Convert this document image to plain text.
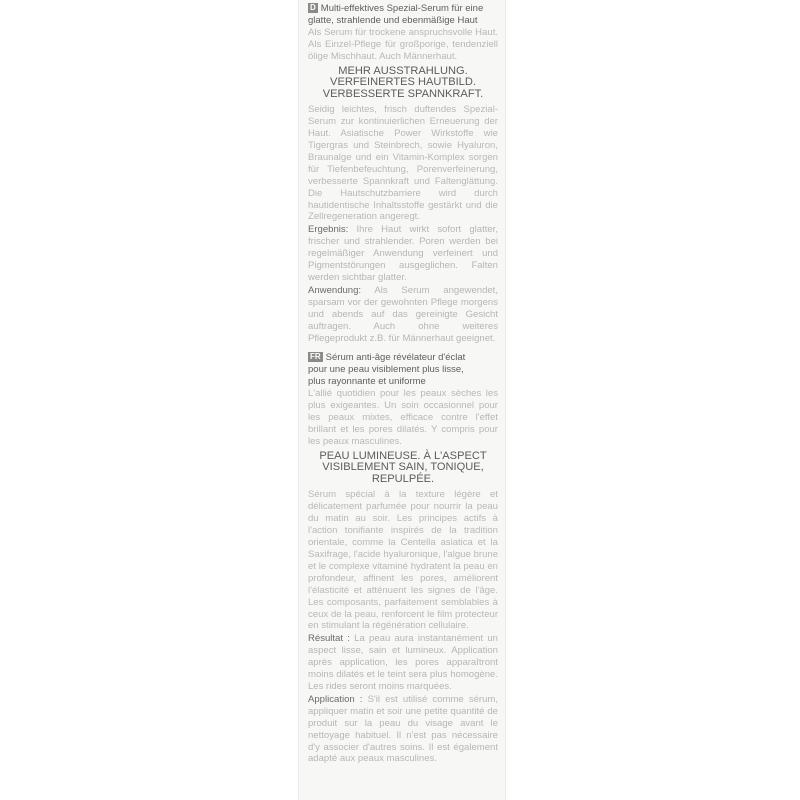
D Multi-effektives Spezial-Serum für eine
glatte, strahlende und ebenmäßige Haut
Als Serum für trockene anspruchsvolle Haut. Als Einzel-Pflege für großporige, tendenziell ölige Mischhaut. Auch Männerhaut.
MEHR AUSSTRAHLUNG.
VERFEINERTES HAUTBILD.
VERBESSERTE SPANNKRAFT.
Seidig leichtes, frisch duftendes Spezial-Serum zur kontinuierlichen Erneuerung der Haut. Asiatische Power Wirkstoffe wie Tigergras und Steinbrech, sowie Hyaluron, Braunalge und ein Vitamin-Komplex sorgen für Tiefenbefeuchtung, Porenverfeinerung, verbesserte Spannkraft und Faltenglättung. Die Hautschutzbarriere wird durch hautidentische Inhaltsstoffe gestärkt und die Zellregeneration angeregt.
Ergebnis: Ihre Haut wirkt sofort glatter, frischer und strahlender. Poren werden bei regelmäßiger Anwendung verfeinert und Pigmentstörungen ausgeglichen. Falten werden sichtbar glatter.
Anwendung: Als Serum angewendet, sparsam vor der gewohnten Pflege morgens und abends auf das gereinigte Gesicht auftragen. Auch ohne weiteres Pflegeprodukt z.B. für Männerhaut geeignet.
FR Sérum anti-âge révélateur d'éclat
pour une peau visiblement plus lisse,
plus rayonnante et uniforme
L'allié quotidien pour les peaux sèches les plus exigeantes. Un soin occasionnel pour les peaux mixtes, efficace contre l'effet brillant et les pores dilatés. Y compris pour les peaux masculines.
PEAU LUMINEUSE. À L'ASPECT
VISIBLEMENT SAIN, TONIQUE,
REPULPÉE.
Sérum spécial à la texture légère et délicatement parfumée pour nourrir la peau du matin au soir. Les principes actifs à l'action tonifiante inspirés de la tradition orientale, comme la Centella asiatica et la Saxifrage, l'acide hyaluronique, l'algue brune et le complexe vitaminé hydratent la peau en profondeur, affinent les pores, améliorent l'élasticité et atténuent les signes de l'âge. Les composants, parfaitement semblables à ceux de la peau, renforcent le film protecteur en stimulant la régénération cellulaire.
Résultat : La peau aura instantanément un aspect lisse, sain et lumineux. Application après application, les pores apparaîtront moins dilatés et le teint sera plus homogène. Les rides seront moins marquées.
Application : S'il est utilisé comme sérum, appliquer matin et soir une petite quantité de produit sur la peau du visage avant le nettoyage habituel. Il n'est pas nécessaire d'y associer d'autres soins. Il est également adapté aux peaux masculines.
